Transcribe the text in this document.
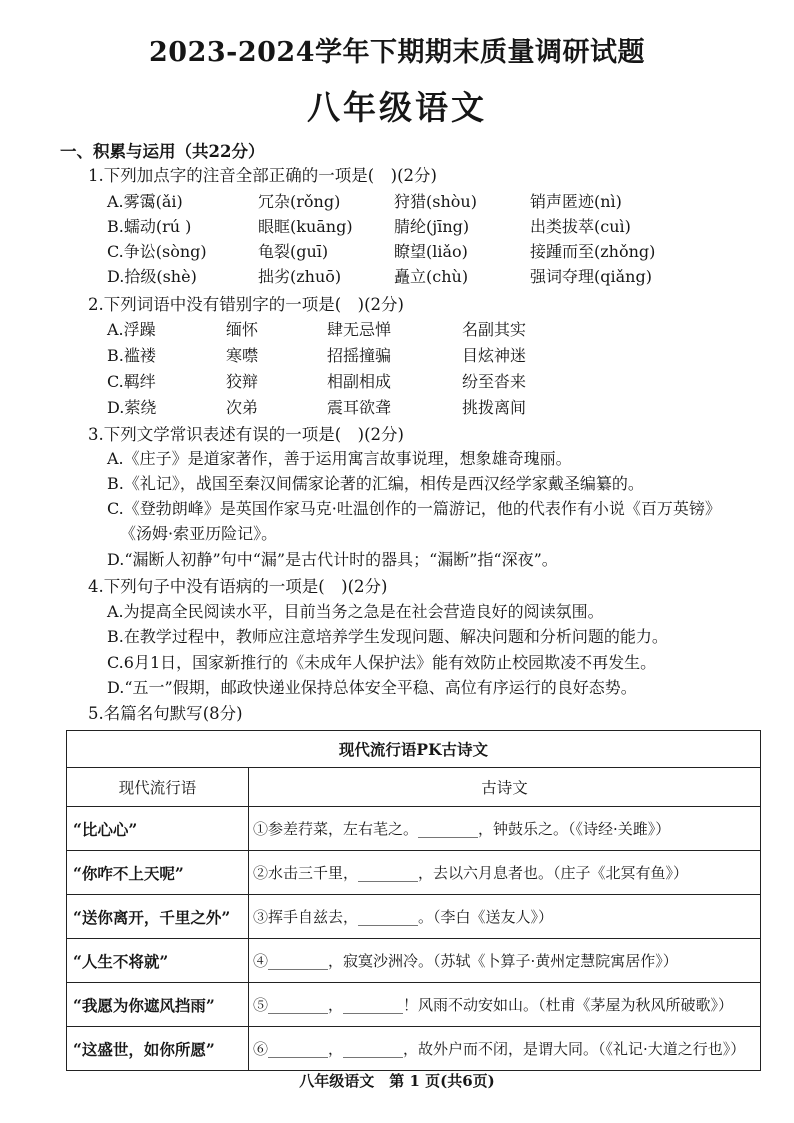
2023-2024学年下期期末质量调研试题
八年级语文
一、积累与运用（共22分）
1.下列加点字的注音全部正确的一项是(　)(2分)
A.雾霭(ǎi)	冗杂(rǒng)	狩猎(shòu)	销声匿迹(nì)
B.蠕动(rú )	眼眶(kuāng)	腈纶(jīng)	出类拔萃(cuì)
C.争讼(sòng)	龟裂(guī)	瞭望(liǎo)	接踵而至(zhǒng)
D.拾级(shè)	拙劣(zhuō)	矗立(chù)	强词夺理(qiǎng)
2.下列词语中没有错别字的一项是(　)(2分)
A.浮躁	缅怀	肆无忌惮	名副其实
B.褴褛	寒噤	招摇撞骗	目炫神迷
C.羁绊	狡辩	相副相成	纷至沓来
D.萦绕	次弟	震耳欲聋	挑拨离间
3.下列文学常识表述有误的一项是(　)(2分)
A.《庄子》是道家著作，善于运用寓言故事说理，想象雄奇瑰丽。
B.《礼记》，战国至秦汉间儒家论著的汇编，相传是西汉经学家戴圣编纂的。
C.《登勃朗峰》是英国作家马克·吐温创作的一篇游记，他的代表作有小说《百万英镑》
《汤姆·索亚历险记》。
D.“漏断人初静”句中“漏”是古代计时的器具；“漏断”指“深夜”。
4.下列句子中没有语病的一项是(　)(2分)
A.为提高全民阅读水平，目前当务之急是在社会营造良好的阅读氛围。
B.在教学过程中，教师应注意培养学生发现问题、解决问题和分析问题的能力。
C.6月1日，国家新推行的《未成年人保护法》能有效防止校园欺凌不再发生。
D.“五一”假期，邮政快递业保持总体安全平稳、高位有序运行的良好态势。
5.名篇名句默写(8分)
现代流行语PK古诗文	
现代流行语	古诗文
“比心心”	①参差荇菜，左右芼之。________，钟鼓乐之。（《诗经·关雎》）
“你咋不上天呢”	②水击三千里，________，去以六月息者也。（庄子《北冥有鱼》）
“送你离开，千里之外”	③挥手自兹去，________。（李白《送友人》）
“人生不将就”	④________，寂寞沙洲冷。（苏轼《卜算子·黄州定慧院寓居作》）
“我愿为你遮风挡雨”	⑤________，________！风雨不动安如山。（杜甫《茅屋为秋风所破歌》）
“这盛世，如你所愿”	⑥________，________，故外户而不闭，是谓大同。（《礼记·大道之行也》）
八年级语文　第 1 页(共6页)
